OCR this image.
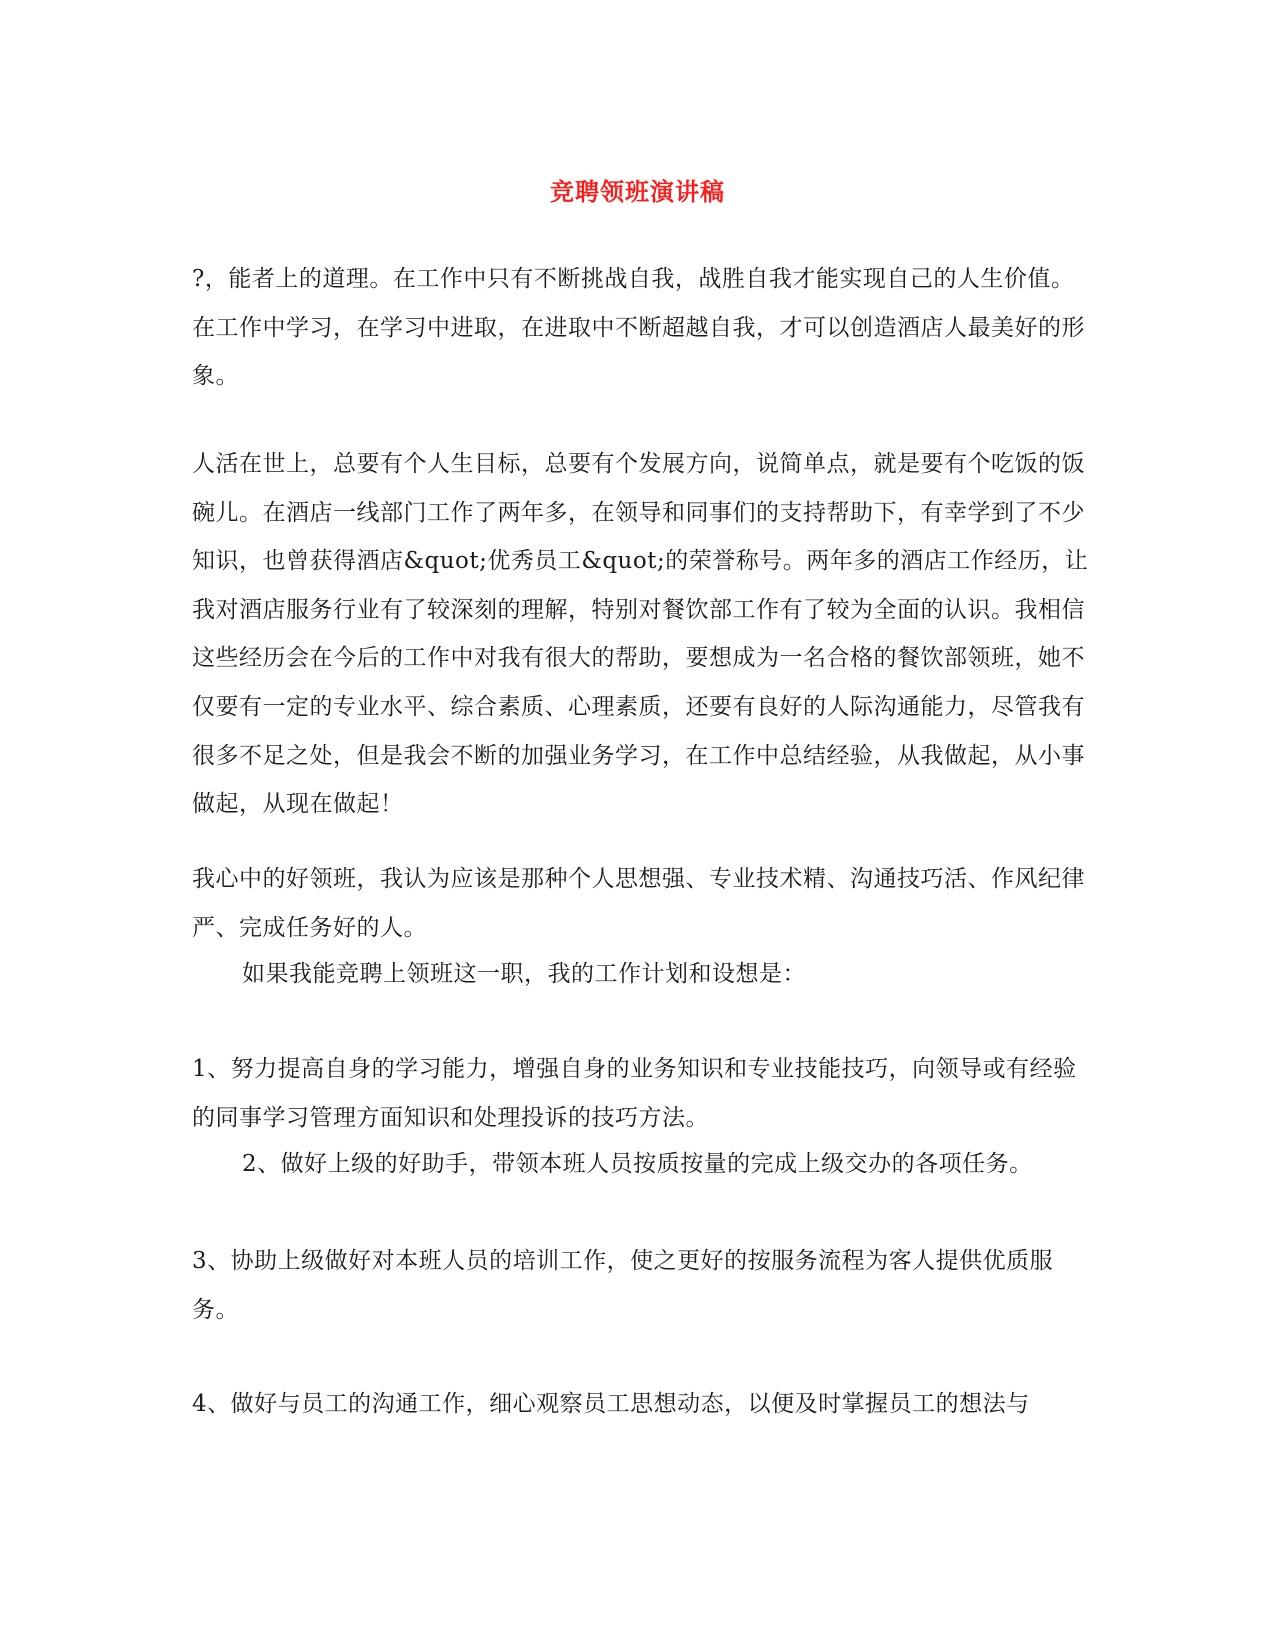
竞聘领班演讲稿

?，能者上的道理。在工作中只有不断挑战自我，战胜自我才能实现自己的人生价值。在工作中学习，在学习中进取，在进取中不断超越自我，才可以创造酒店人最美好的形象。

人活在世上，总要有个人生目标，总要有个发展方向，说简单点，就是要有个吃饭的饭碗儿。在酒店一线部门工作了两年多，在领导和同事们的支持帮助下，有幸学到了不少知识，也曾获得酒店&quot;优秀员工&quot;的荣誉称号。两年多的酒店工作经历，让我对酒店服务行业有了较深刻的理解，特别对餐饮部工作有了较为全面的认识。我相信这些经历会在今后的工作中对我有很大的帮助，要想成为一名合格的餐饮部领班，她不仅要有一定的专业水平、综合素质、心理素质，还要有良好的人际沟通能力，尽管我有很多不足之处，但是我会不断的加强业务学习，在工作中总结经验，从我做起，从小事做起，从现在做起！

我心中的好领班，我认为应该是那种个人思想强、专业技术精、沟通技巧活、作风纪律严、完成任务好的人。

如果我能竞聘上领班这一职，我的工作计划和设想是：

1、努力提高自身的学习能力，增强自身的业务知识和专业技能技巧，向领导或有经验的同事学习管理方面知识和处理投诉的技巧方法。

2、做好上级的好助手，带领本班人员按质按量的完成上级交办的各项任务。

3、协助上级做好对本班人员的培训工作，使之更好的按服务流程为客人提供优质服务。

4、做好与员工的沟通工作，细心观察员工思想动态，以便及时掌握员工的想法与
